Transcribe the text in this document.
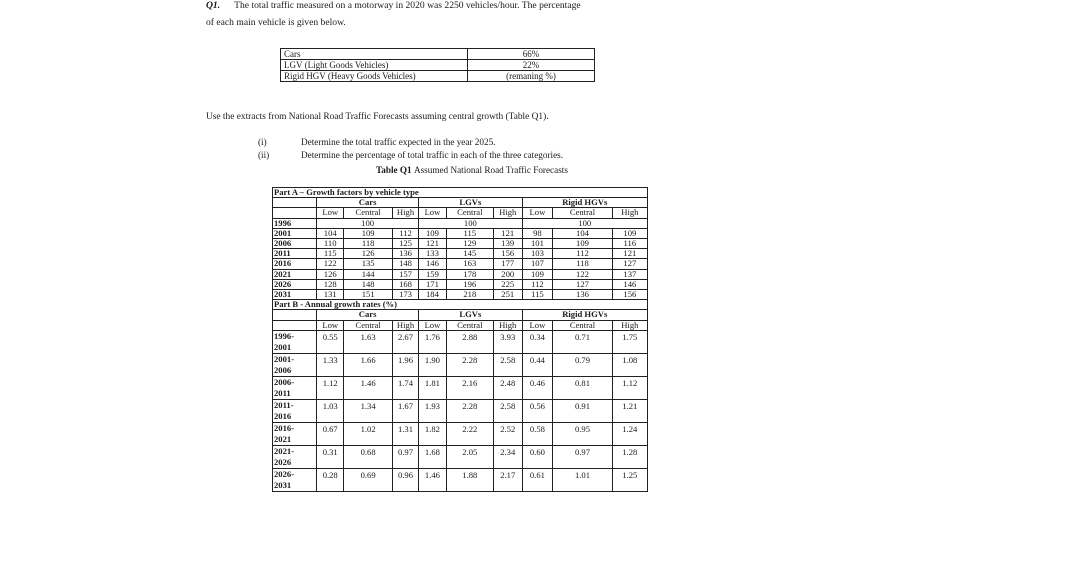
Q1. The total traffic measured on a motorway in 2020 was 2250 vehicles/hour. The percentage
of each main vehicle is given below.
Cars	66%
LGV (Light Goods Vehicles)	22%
Rigid HGV (Heavy Goods Vehicles)	(remaning %)
Use the extracts from National Road Traffic Forecasts assuming central growth (Table Q1).
(i)	Determine the total traffic expected in the year 2025.
(ii)	Determine the percentage of total traffic in each of the three categories.
Table Q1 Assumed National Road Traffic Forecasts
Part A – Growth factors by vehicle type									
	Cars			LGVs			Rigid HGVs		
	Low	Central	High	Low	Central	High	Low	Central	High
1996	100			100			100		
2001	104	109	112	109	115	121	98	104	109
2006	110	118	125	121	129	139	101	109	116
2011	115	126	136	133	145	156	103	112	121
2016	122	135	148	146	163	177	107	118	127
2021	126	144	157	159	178	200	109	122	137
2026	128	148	168	171	196	225	112	127	146
2031	131	151	173	184	218	251	115	136	156
Part B - Annual growth rates (%)									
	Cars			LGVs			Rigid HGVs		
	Low	Central	High	Low	Central	High	Low	Central	High

1996-
2001	0.55	1.63	2.67	1.76	2.88	3.93	0.34	0.71	1.75

2001-
2006	1.33	1.66	1.96	1.90	2.28	2.58	0.44	0.79	1.08

2006-
2011	1.12	1.46	1.74	1.81	2.16	2.48	0.46	0.81	1.12

2011-
2016	1.03	1.34	1.67	1.93	2.28	2.58	0.56	0.91	1.21

2016-
2021	0.67	1.02	1.31	1.82	2.22	2.52	0.58	0.95	1.24

2021-
2026	0.31	0.68	0.97	1.68	2.05	2.34	0.60	0.97	1.28

2026-
2031	0.28	0.69	0.96	1.46	1.88	2.17	0.61	1.01	1.25
